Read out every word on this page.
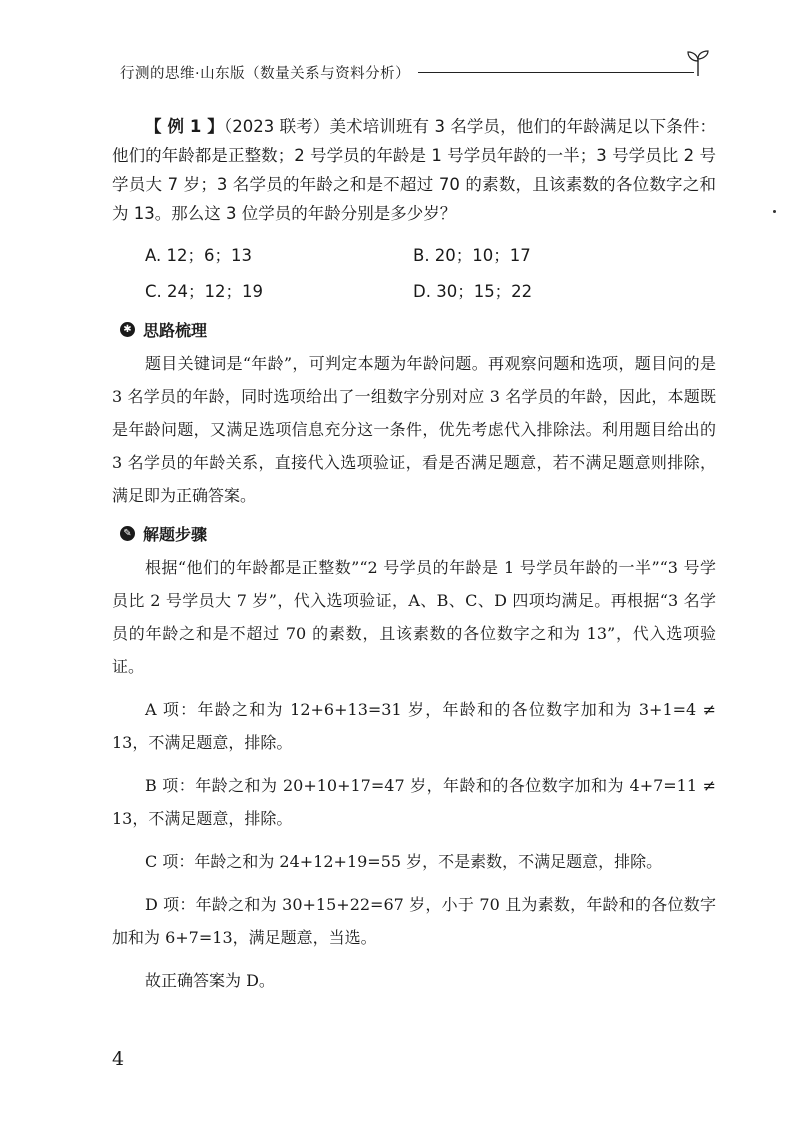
行测的思维·山东版（数量关系与资料分析）

【 例 1 】（2023 联考）美术培训班有 3 名学员，他们的年龄满足以下条件：他们的年龄都是正整数；2 号学员的年龄是 1 号学员年龄的一半；3 号学员比 2 号学员大 7 岁；3 名学员的年龄之和是不超过 70 的素数，且该素数的各位数字之和为 13。那么这 3 位学员的年龄分别是多少岁？

A. 12；6；13	B. 20；10；17
C. 24；12；19	D. 30；15；22
✱ 思路梳理

题目关键词是“年龄”，可判定本题为年龄问题。再观察问题和选项，题目问的是 3 名学员的年龄，同时选项给出了一组数字分别对应 3 名学员的年龄，因此，本题既是年龄问题，又满足选项信息充分这一条件，优先考虑代入排除法。利用题目给出的 3 名学员的年龄关系，直接代入选项验证，看是否满足题意，若不满足题意则排除，满足即为正确答案。

✎ 解题步骤

根据“他们的年龄都是正整数”“2 号学员的年龄是 1 号学员年龄的一半”“3 号学员比 2 号学员大 7 岁”，代入选项验证，A、B、C、D 四项均满足。再根据“3 名学员的年龄之和是不超过 70 的素数，且该素数的各位数字之和为 13”，代入选项验证。

A 项：年龄之和为 12+6+13=31 岁，年龄和的各位数字加和为 3+1=4 ≠ 13，不满足题意，排除。

B 项：年龄之和为 20+10+17=47 岁，年龄和的各位数字加和为 4+7=11 ≠ 13，不满足题意，排除。

C 项：年龄之和为 24+12+19=55 岁，不是素数，不满足题意，排除。

D 项：年龄之和为 30+15+22=67 岁，小于 70 且为素数，年龄和的各位数字加和为 6+7=13，满足题意，当选。

故正确答案为 D。

4
